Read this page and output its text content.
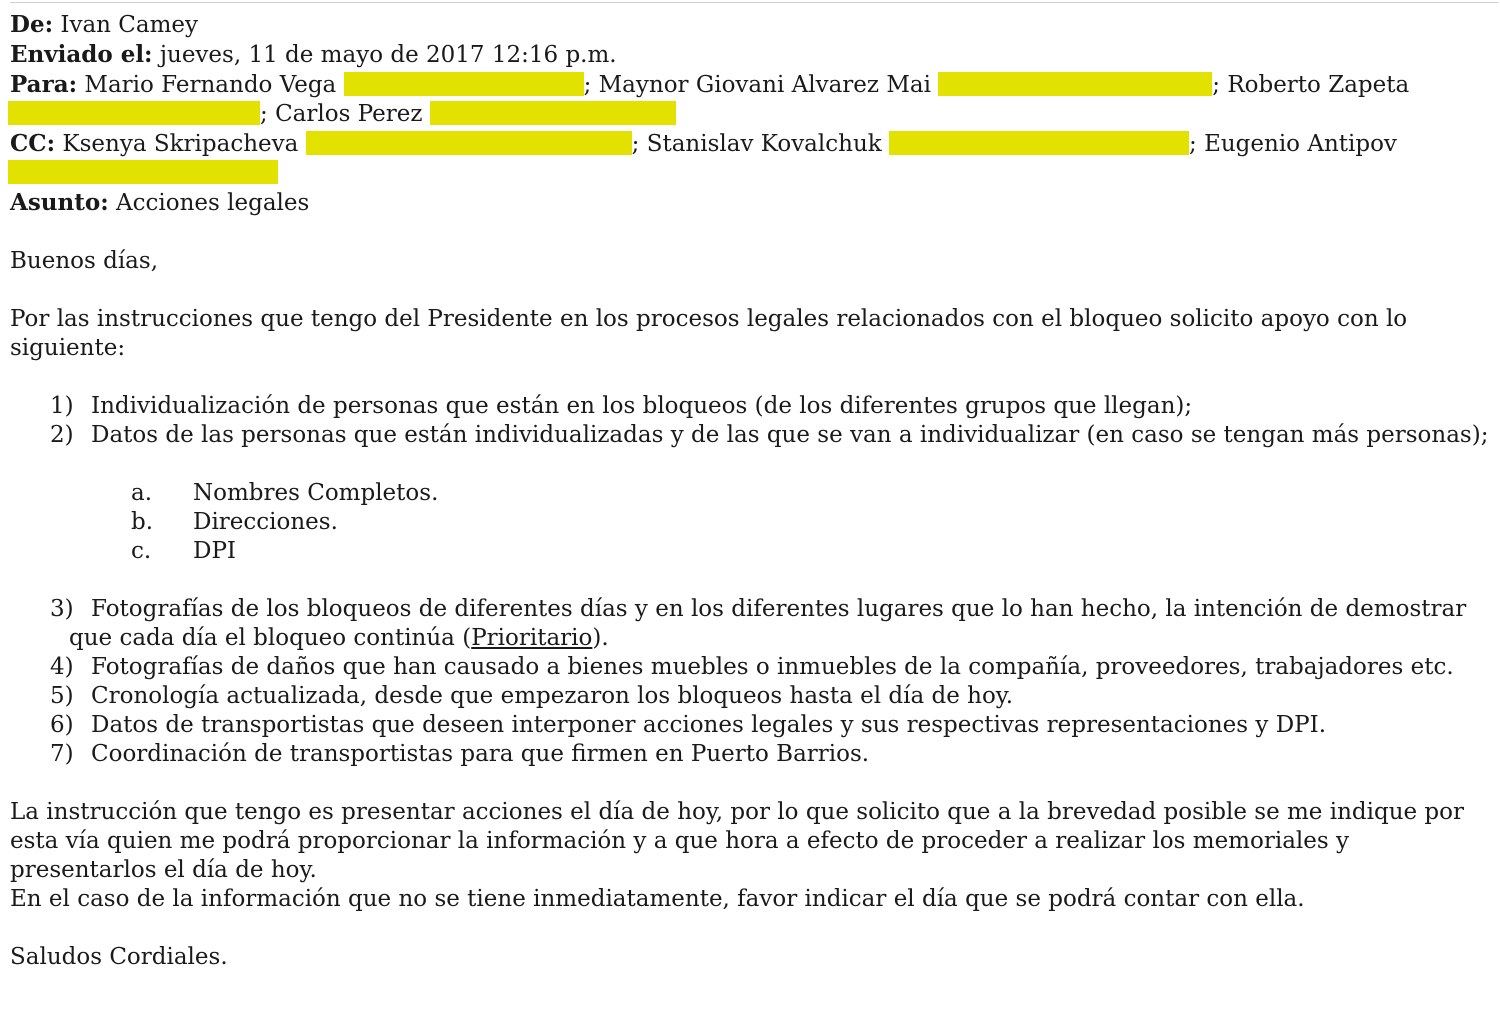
De: Ivan Camey
Enviado el: jueves, 11 de mayo de 2017 12:16 p.m.
Para: Mario Fernando Vega	; Maynor Giovani Alvarez Mai	; Roberto Zapeta
; Carlos Perez
CC: Ksenya Skripacheva	; Stanislav Kovalchuk	; Eugenio Antipov
Asunto: Acciones legales

Buenos días,

Por las instrucciones que tengo del Presidente en los procesos legales relacionados con el bloqueo solicito apoyo con lo siguiente:

1) Individualización de personas que están en los bloqueos (de los diferentes grupos que llegan);
2) Datos de las personas que están individualizadas y de las que se van a individualizar (en caso se tengan más personas);
a. Nombres Completos.
b. Direcciones.
c. DPI
3) Fotografías de los bloqueos de diferentes días y en los diferentes lugares que lo han hecho, la intención de demostrar que cada día el bloqueo continúa (Prioritario).
4) Fotografías de daños que han causado a bienes muebles o inmuebles de la compañía, proveedores, trabajadores etc.
5) Cronología actualizada, desde que empezaron los bloqueos hasta el día de hoy.
6) Datos de transportistas que deseen interponer acciones legales y sus respectivas representaciones y DPI.
7) Coordinación de transportistas para que firmen en Puerto Barrios.

La instrucción que tengo es presentar acciones el día de hoy, por lo que solicito que a la brevedad posible se me indique por esta vía quien me podrá proporcionar la información y a que hora a efecto de proceder a realizar los memoriales y presentarlos el día de hoy.

En el caso de la información que no se tiene inmediatamente, favor indicar el día que se podrá contar con ella.

Saludos Cordiales.
